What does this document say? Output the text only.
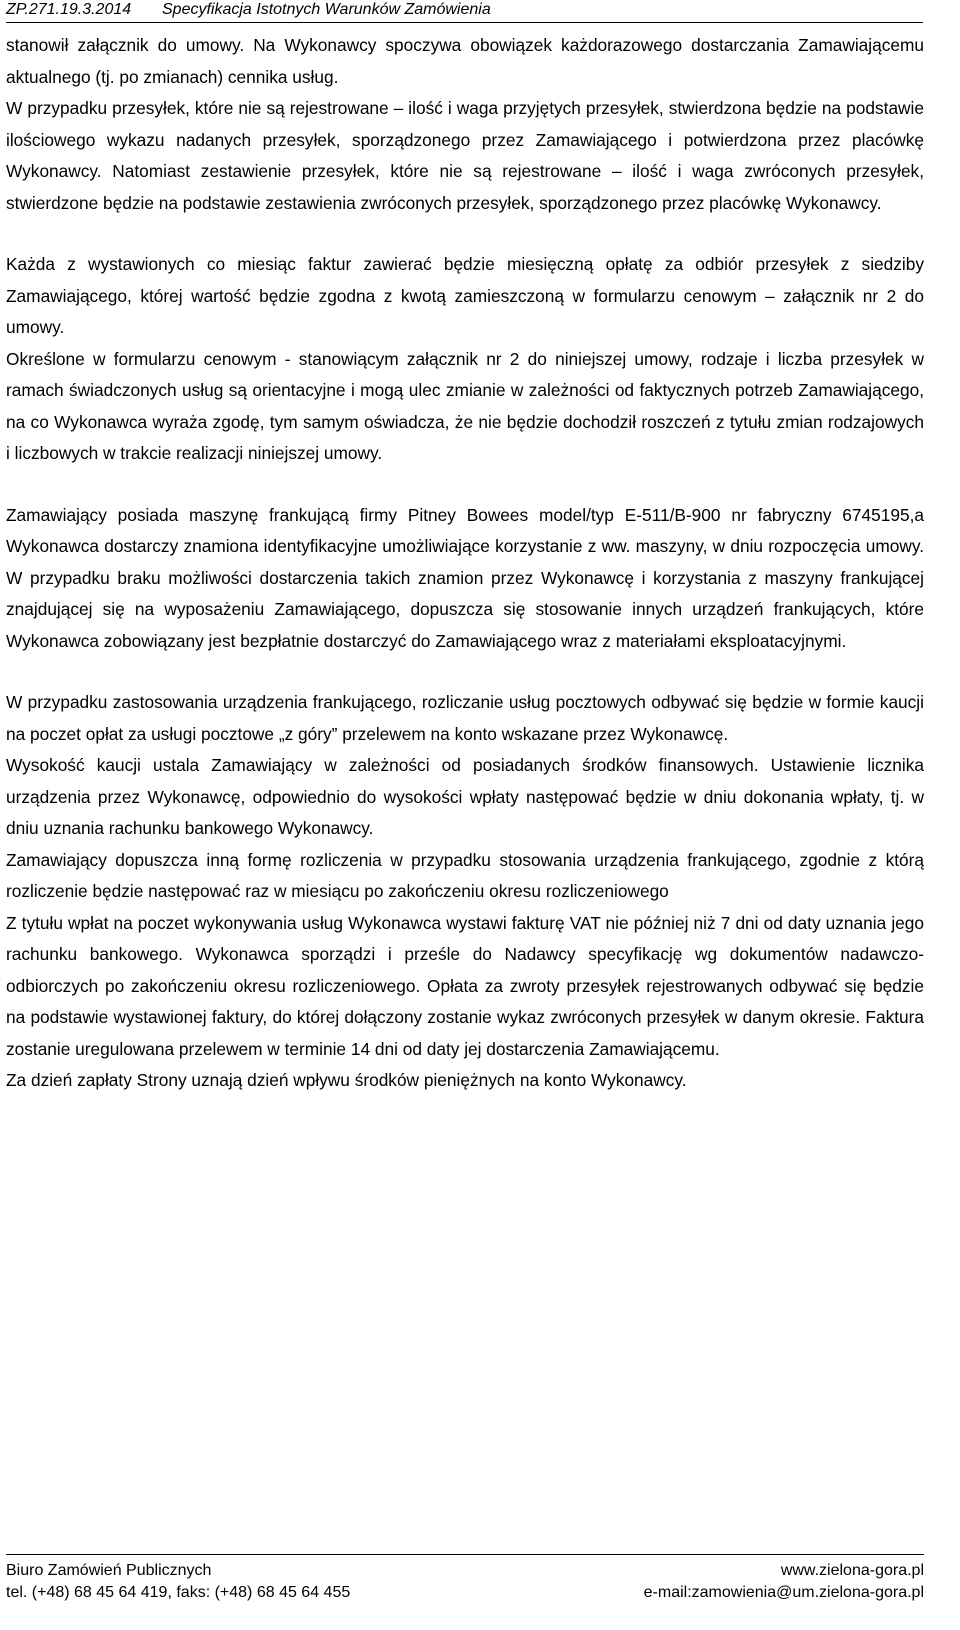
ZP.271.19.3.2014 Specyfikacja Istotnych Warunków Zamówienia

stanowił załącznik do umowy. Na Wykonawcy spoczywa obowiązek każdorazowego dostarczania Zamawiającemu aktualnego (tj. po zmianach) cennika usług.

W przypadku przesyłek, które nie są rejestrowane – ilość i waga przyjętych przesyłek, stwierdzona będzie na podstawie ilościowego wykazu nadanych przesyłek, sporządzonego przez Zamawiającego i potwierdzona przez placówkę Wykonawcy. Natomiast zestawienie przesyłek, które nie są rejestrowane – ilość i waga zwróconych przesyłek, stwierdzone będzie na podstawie zestawienia zwróconych przesyłek, sporządzonego przez placówkę Wykonawcy.

Każda z wystawionych co miesiąc faktur zawierać będzie miesięczną opłatę za odbiór przesyłek z siedziby Zamawiającego, której wartość będzie zgodna z kwotą zamieszczoną w formularzu cenowym – załącznik nr 2 do umowy.

Określone w formularzu cenowym - stanowiącym załącznik nr 2 do niniejszej umowy, rodzaje i liczba przesyłek w ramach świadczonych usług są orientacyjne i mogą ulec zmianie w zależności od faktycznych potrzeb Zamawiającego, na co Wykonawca wyraża zgodę, tym samym oświadcza, że nie będzie dochodził roszczeń z tytułu zmian rodzajowych i liczbowych w trakcie realizacji niniejszej umowy.

Zamawiający posiada maszynę frankującą firmy Pitney Bowees model/typ E-511/B-900 nr fabryczny 6745195,a Wykonawca dostarczy znamiona identyfikacyjne umożliwiające korzystanie z ww. maszyny, w dniu rozpoczęcia umowy. W przypadku braku możliwości dostarczenia takich znamion przez Wykonawcę i korzystania z maszyny frankującej znajdującej się na wyposażeniu Zamawiającego, dopuszcza się stosowanie innych urządzeń frankujących, które Wykonawca zobowiązany jest bezpłatnie dostarczyć do Zamawiającego wraz z materiałami eksploatacyjnymi.

W przypadku zastosowania urządzenia frankującego, rozliczanie usług pocztowych odbywać się będzie w formie kaucji na poczet opłat za usługi pocztowe „z góry” przelewem na konto wskazane przez Wykonawcę.

Wysokość kaucji ustala Zamawiający w zależności od posiadanych środków finansowych. Ustawienie licznika urządzenia przez Wykonawcę, odpowiednio do wysokości wpłaty następować będzie w dniu dokonania wpłaty, tj. w dniu uznania rachunku bankowego Wykonawcy.

Zamawiający dopuszcza inną formę rozliczenia w przypadku stosowania urządzenia frankującego, zgodnie z którą rozliczenie będzie następować raz w miesiącu po zakończeniu okresu rozliczeniowego

Z tytułu wpłat na poczet wykonywania usług Wykonawca wystawi fakturę VAT nie później niż 7 dni od daty uznania jego rachunku bankowego. Wykonawca sporządzi i prześle do Nadawcy specyfikację wg dokumentów nadawczo-odbiorczych po zakończeniu okresu rozliczeniowego. Opłata za zwroty przesyłek rejestrowanych odbywać się będzie na podstawie wystawionej faktury, do której dołączony zostanie wykaz zwróconych przesyłek w danym okresie. Faktura zostanie uregulowana przelewem w terminie 14 dni od daty jej dostarczenia Zamawiającemu.

Za dzień zapłaty Strony uznają dzień wpływu środków pieniężnych na konto Wykonawcy.

Biuro Zamówień Publicznych	www.zielona-gora.pl
tel. (+48) 68 45 64 419, faks: (+48) 68 45 64 455	e-mail:zamowienia@um.zielona-gora.pl
